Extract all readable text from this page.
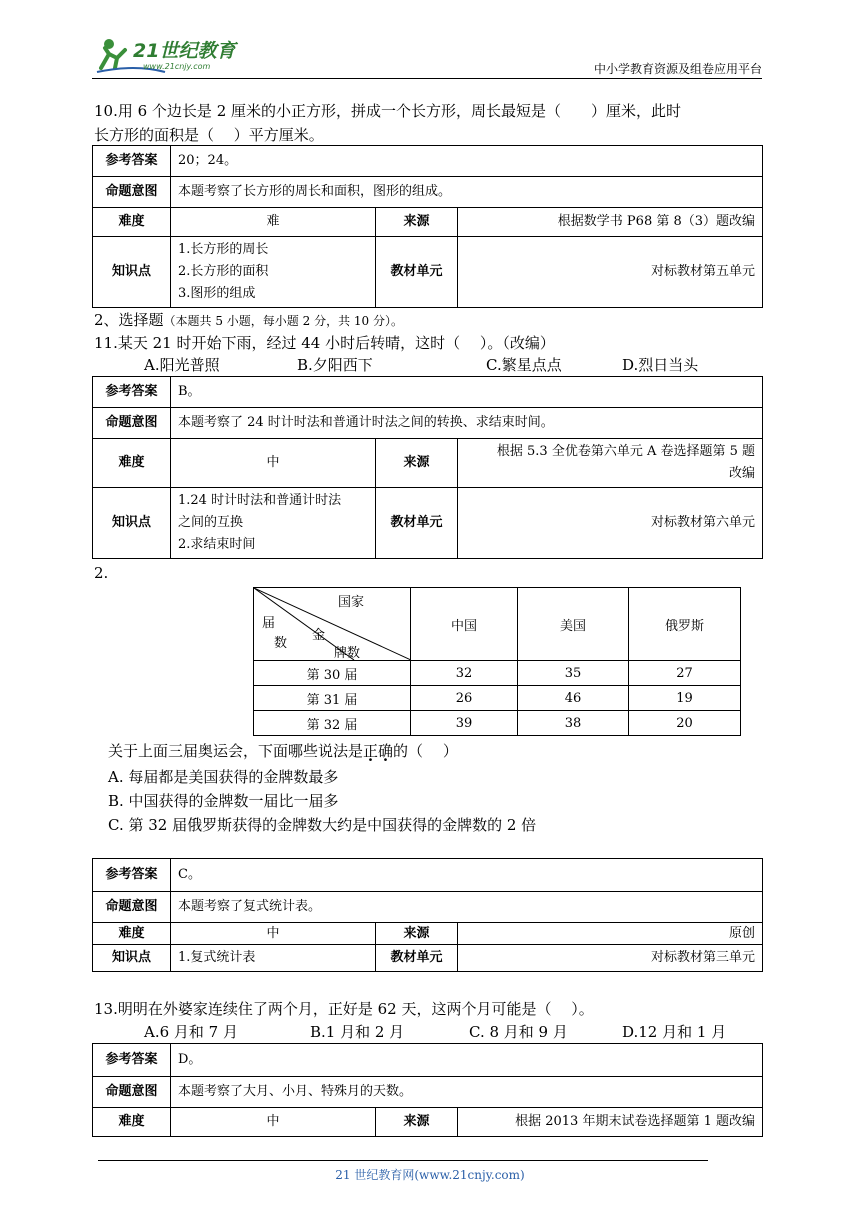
21世纪教育
www.21cnjy.com	中小学教育资源及组卷应用平台
10.用 6 个边长是 2 厘米的小正方形，拼成一个长方形，周长最短是（　　）厘米，此时
长方形的面积是（　 ）平方厘米。
参考答案	20；24。		
命题意图	本题考察了长方形的周长和面积，图形的组成。		
难度	难	来源	根据数学书 P68 第 8（3）题改编
知识点	1.长方形的周长
2.长方形的面积
3.图形的组成	教材单元	对标教材第五单元
2、选择题（本题共 5 小题，每小题 2 分，共 10 分）。
11.某天 21 时开始下雨，经过 44 小时后转晴，这时（　 ）。（改编）
A.阳光普照	B.夕阳西下	C.繁星点点	D.烈日当头
参考答案	B。		
命题意图	本题考察了 24 时计时法和普通计时法之间的转换、求结束时间。		
难度	中	来源	根据 5.3 全优卷第六单元 A 卷选择题第 5 题
改编

知识点	1.24 时计时法和普通计时法
之间的互换
2.求结束时间	教材单元	对标教材第六单元
2.
国家
届
数
金
牌数	中国	美国	俄罗斯
第 30 届	32	35	27
第 31 届	26	46	19
第 32 届	39	38	20
关于上面三届奥运会，下面哪些说法是正确的（　 ）
A. 每届都是美国获得的金牌数最多
B. 中国获得的金牌数一届比一届多
C. 第 32 届俄罗斯获得的金牌数大约是中国获得的金牌数的 2 倍
参考答案	C。		
命题意图	本题考察了复式统计表。		
难度	中	来源	原创
知识点	1.复式统计表	教材单元	对标教材第三单元
13.明明在外婆家连续住了两个月，正好是 62 天，这两个月可能是（　 ）。
A.6 月和 7 月	B.1 月和 2 月	C. 8 月和 9 月	D.12 月和 1 月
参考答案	D。		
命题意图	本题考察了大月、小月、特殊月的天数。		
难度	中	来源	根据 2013 年期末试卷选择题第 1 题改编
21 世纪教育网(www.21cnjy.com)
